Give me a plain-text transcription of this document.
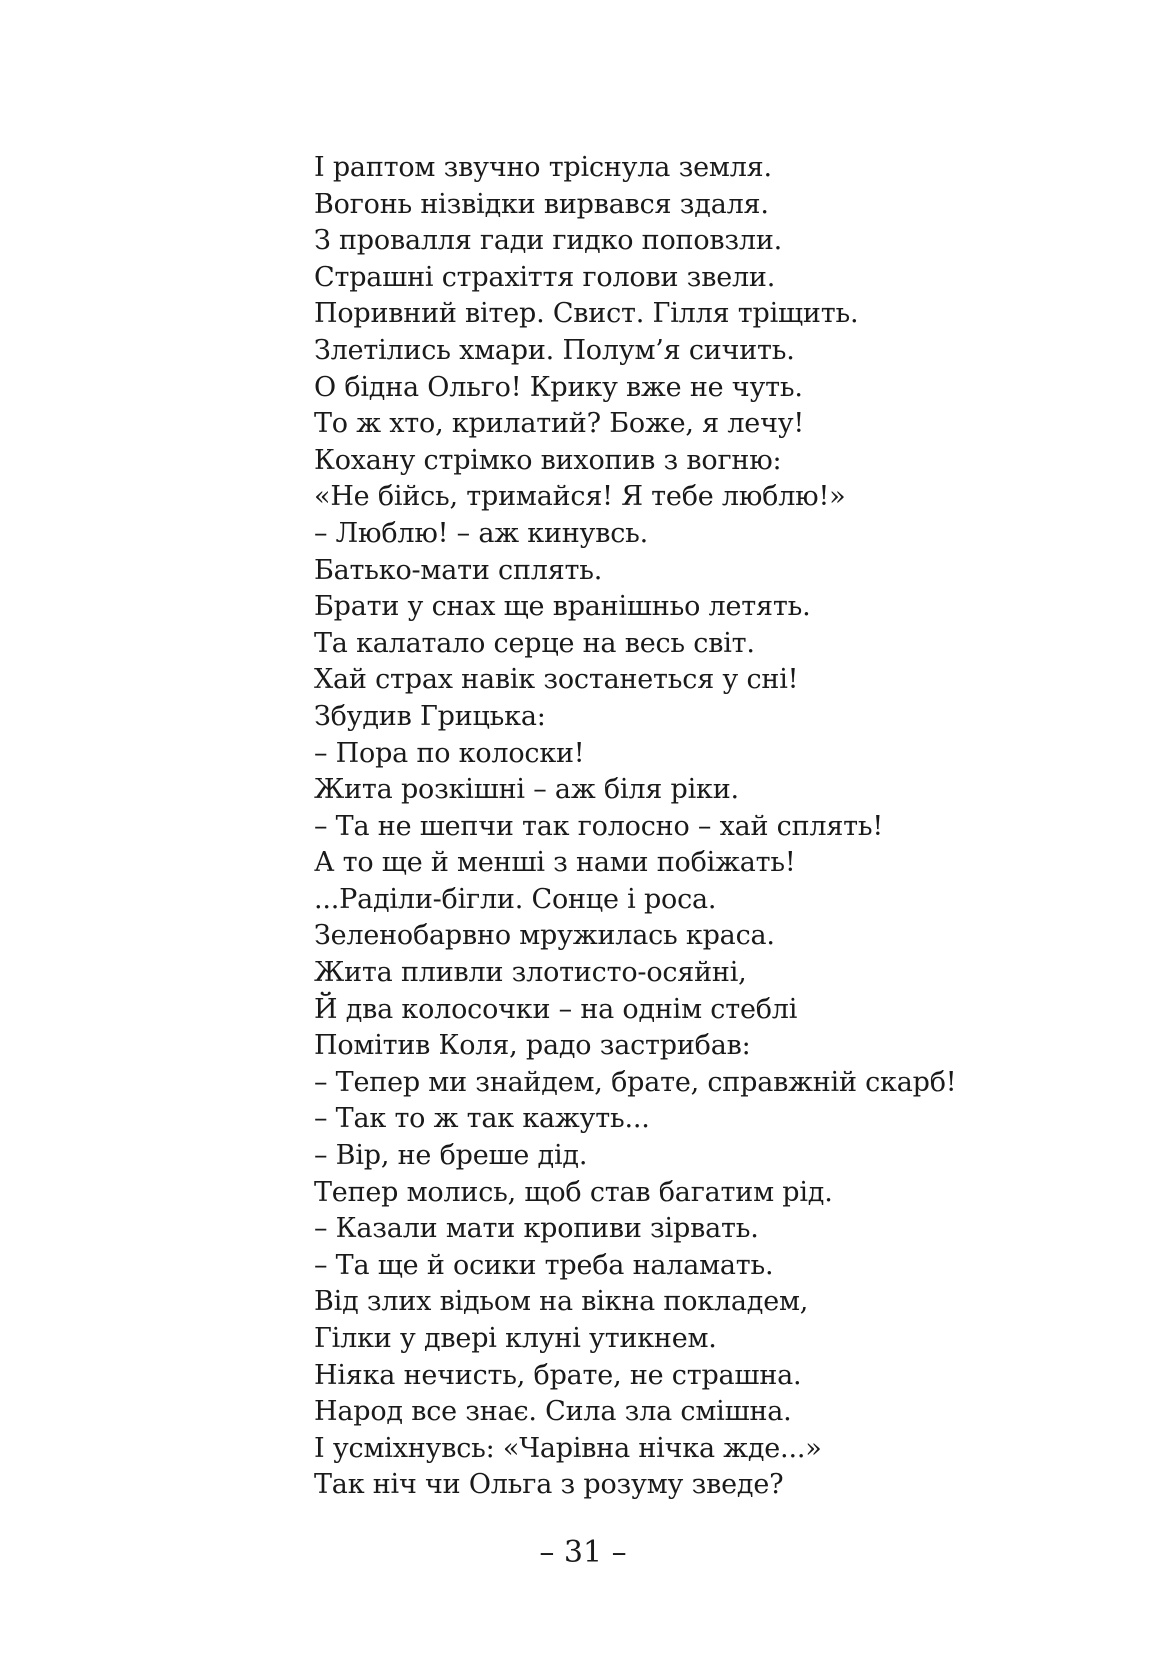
І раптом звучно тріснула земля.
Вогонь нізвідки вирвався здаля.
З провалля гади гидко поповзли.
Страшні страхіття голови звели.
Поривний вітер. Свист. Гілля тріщить.
Злетілись хмари. Полум’я сичить.
О бідна Ольго! Крику вже не чуть.
То ж хто, крилатий? Боже, я лечу!
Кохану стрімко вихопив з вогню:
«Не бійсь, тримайся! Я тебе люблю!»
– Люблю! – аж кинувсь.
Батько-мати сплять.
Брати у снах ще вранішньо летять.
Та калатало серце на весь світ.
Хай страх навік зостанеться у сні!
Збудив Грицька:
– Пора по колоски!
Жита розкішні – аж біля ріки.
– Та не шепчи так голосно – хай сплять!
А то ще й менші з нами побіжать!
...Раділи-бігли. Сонце і роса.
Зеленобарвно мружилась краса.
Жита пливли злотисто-осяйні,
Й два колосочки – на однім стеблі
Помітив Коля, радо застрибав:
– Тепер ми знайдем, брате, справжній скарб!
– Так то ж так кажуть...
– Вір, не бреше дід.
Тепер молись, щоб став багатим рід.
– Казали мати кропиви зірвать.
– Та ще й осики треба наламать.
Від злих відьом на вікна покладем,
Гілки у двері клуні утикнем.
Ніяка нечисть, брате, не страшна.
Народ все знає. Сила зла смішна.
І усміхнувсь: «Чарівна нічка жде...»
Так ніч чи Ольга з розуму зведе?
– 31 –
